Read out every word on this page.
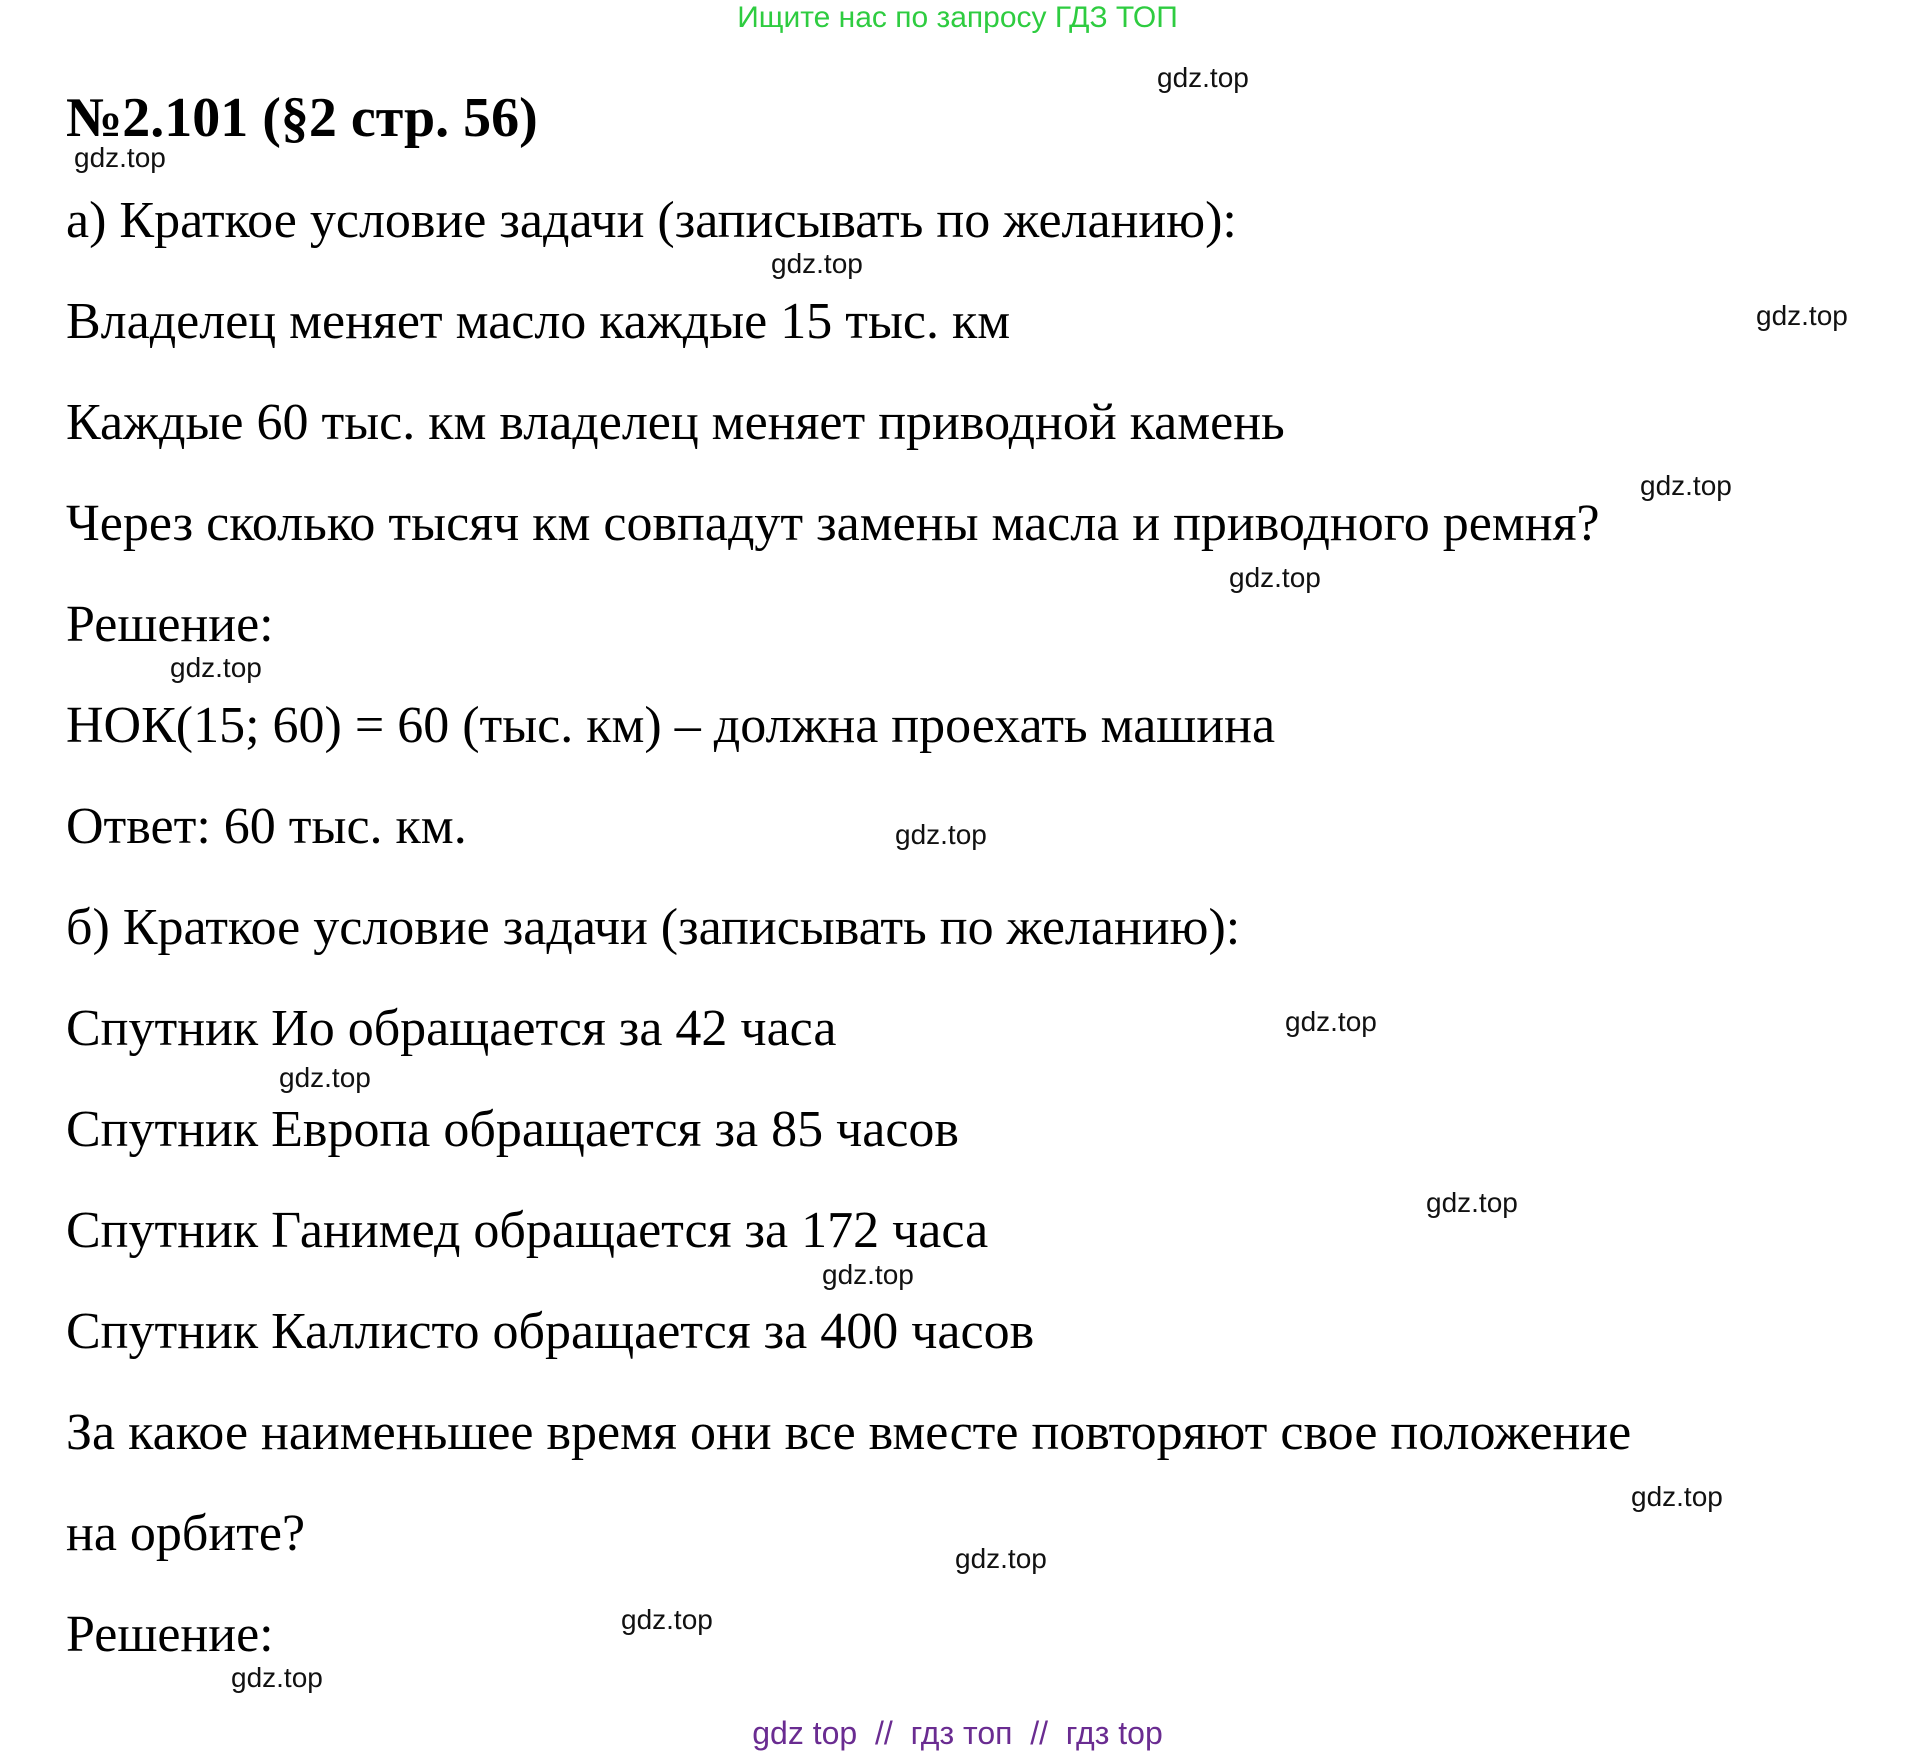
Ищите нас по запросу ГДЗ ТОП
№2.101 (§2 стр. 56)
а) Краткое условие задачи (записывать по желанию):
Владелец меняет масло каждые 15 тыс. км
Каждые 60 тыс. км владелец меняет приводной камень
Через сколько тысяч км совпадут замены масла и приводного ремня?
Решение:
НОК(15; 60) = 60 (тыс. км) – должна проехать машина
Ответ: 60 тыс. км.
б) Краткое условие задачи (записывать по желанию):
Спутник Ио обращается за 42 часа
Спутник Европа обращается за 85 часов
Спутник Ганимед обращается за 172 часа
Спутник Каллисто обращается за 400 часов
За какое наименьшее время они все вместе повторяют свое положение
на орбите?
Решение:
gdz.top
gdz.top
gdz.top
gdz.top
gdz.top
gdz.top
gdz.top
gdz.top
gdz.top
gdz.top
gdz.top
gdz.top
gdz.top
gdz.top
gdz.top
gdz.top
gdz top  //  гдз топ  //  гдз top
